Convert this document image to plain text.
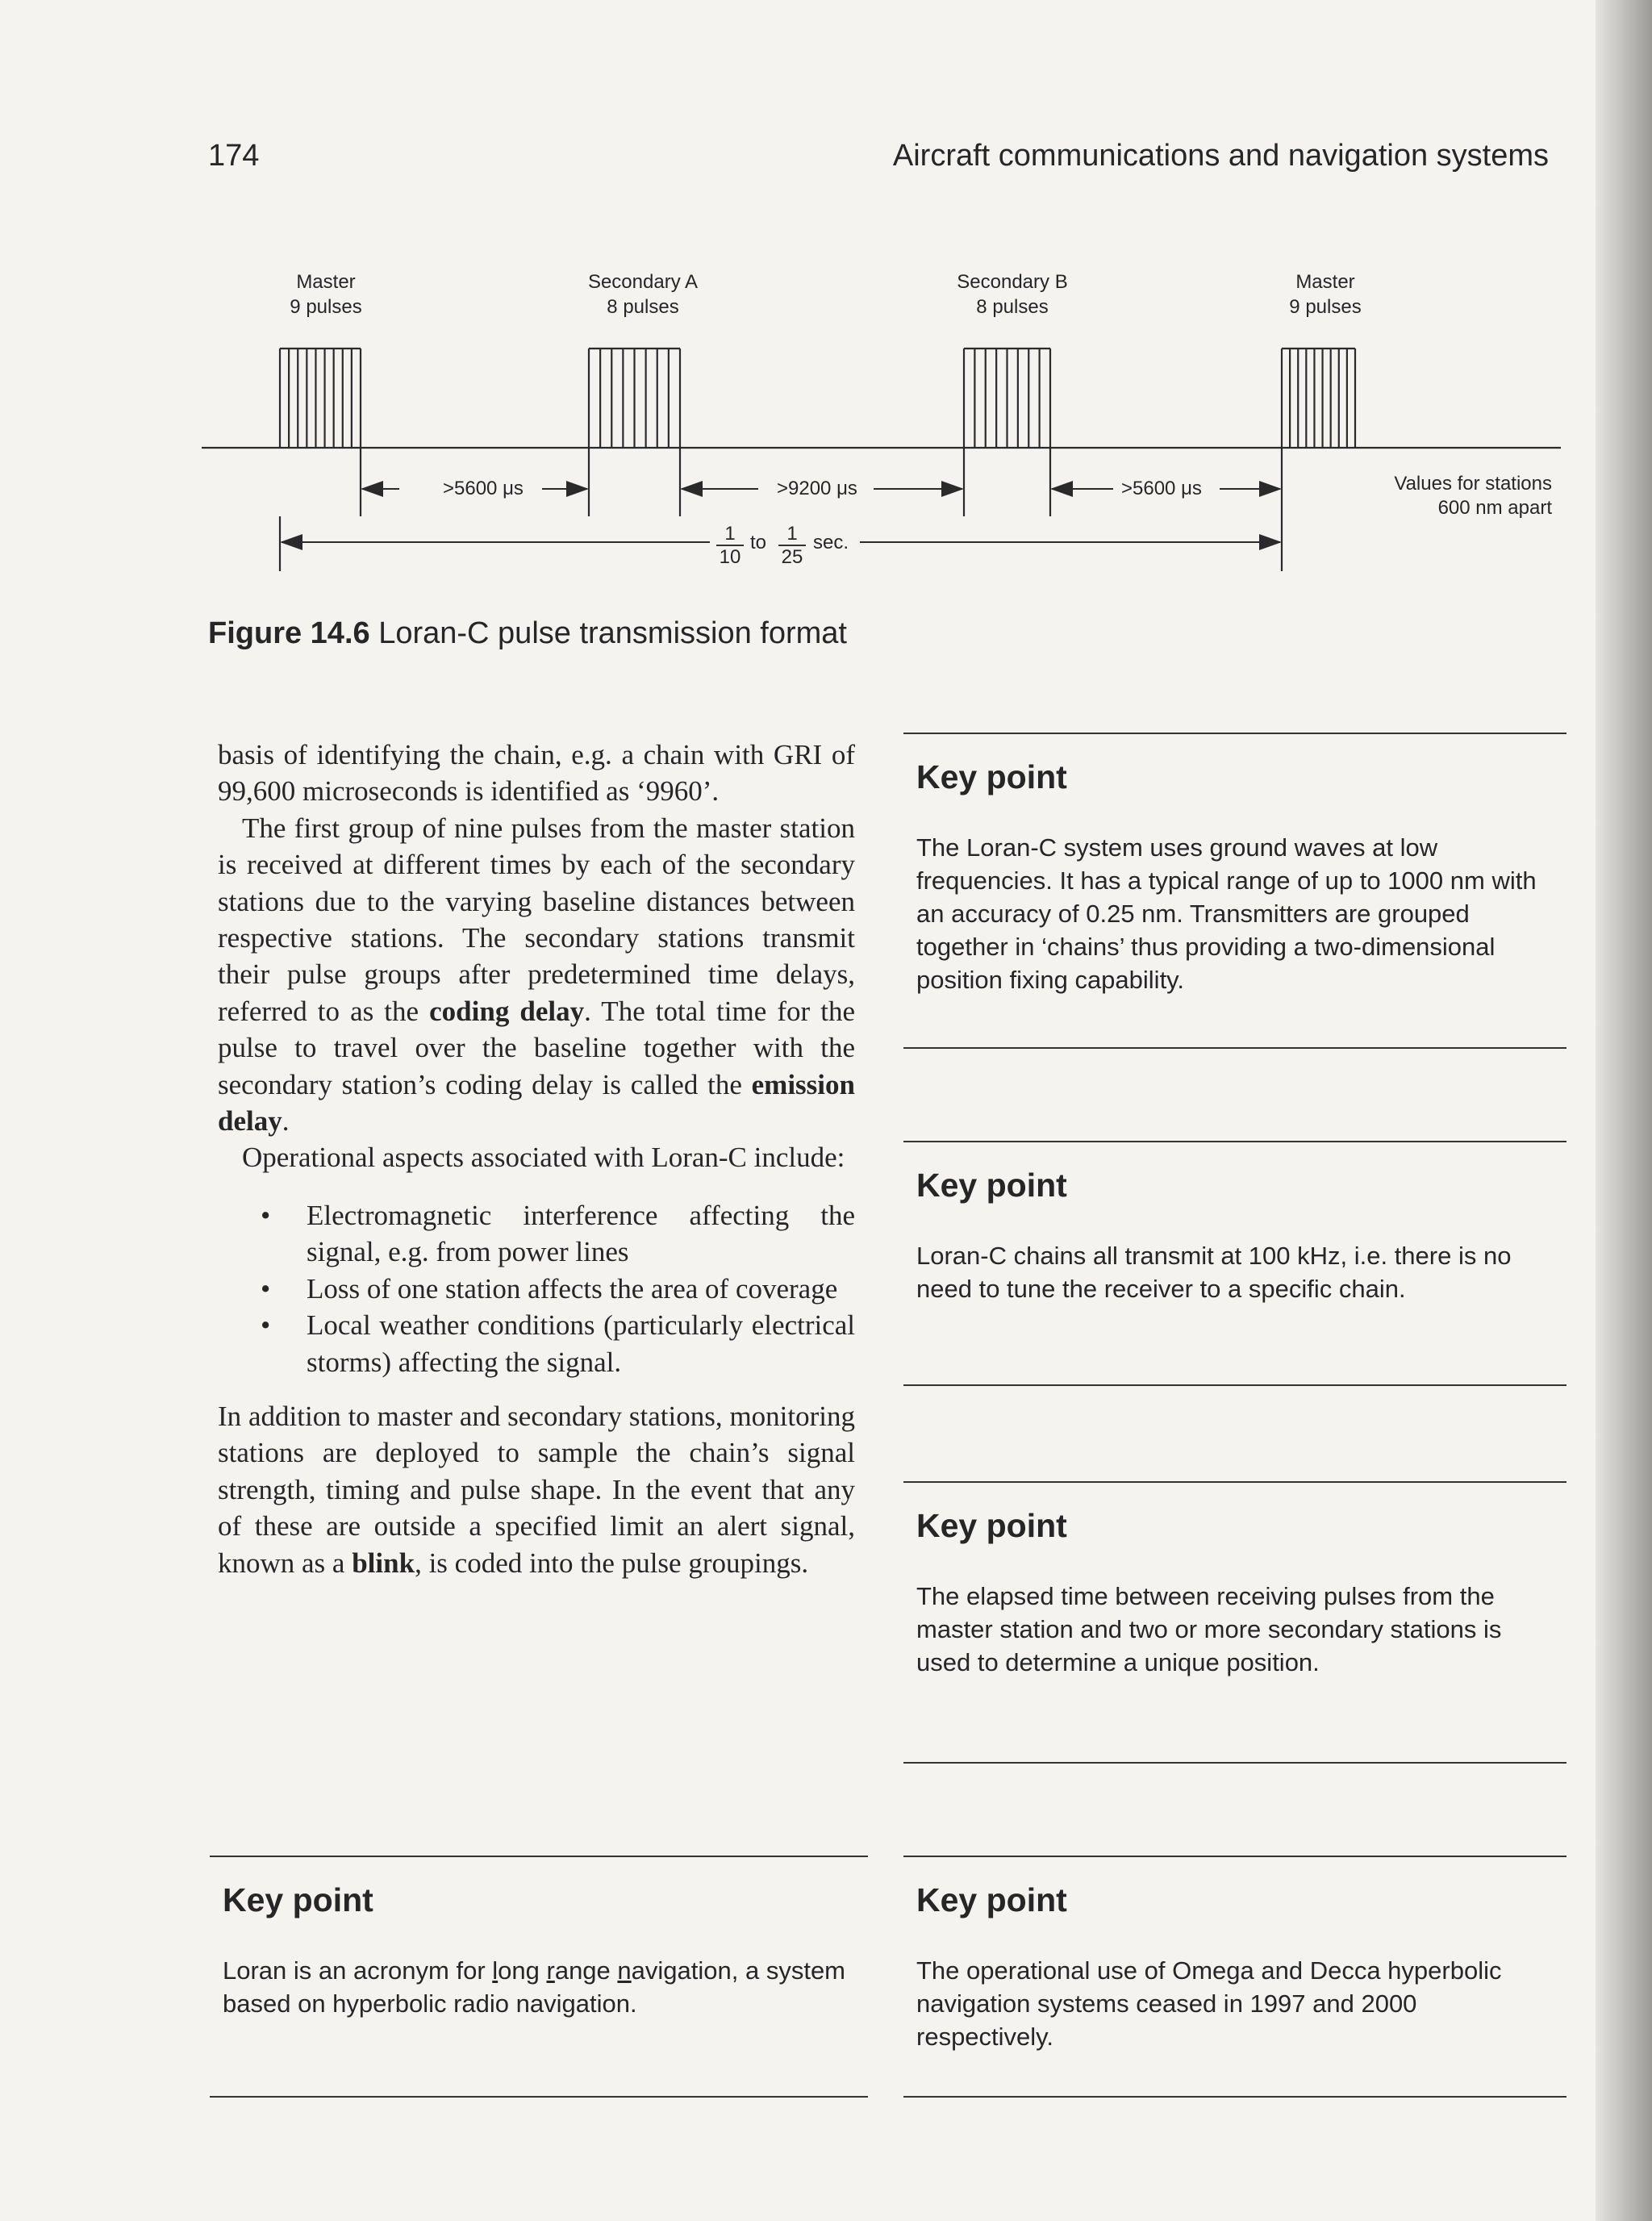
174	Aircraft communications and navigation systems
Master
9 pulses
Secondary A
8 pulses
Secondary B
8 pulses
Master
9 pulses
>5600 μs	>9200 μs	>5600 μs
$\frac{1}{10}$ to $\frac{1}{25} \sec$.
Values for stations
600 nm apart
Figure 14.6 Loran-C pulse transmission format

basis of identifying the chain, e.g. a chain with GRI of 99,600 microseconds is identified as ‘9960’.

The first group of nine pulses from the master station is received at different times by each of the secondary stations due to the varying baseline distances between respective stations. The secondary stations transmit their pulse groups after predetermined time delays, referred to as the coding delay. The total time for the pulse to travel over the baseline together with the secondary station’s coding delay is called the emission delay.

Operational aspects associated with Loran-C include:

• Electromagnetic interference affecting the signal, e.g. from power lines
• Loss of one station affects the area of coverage
• Local weather conditions (particularly electrical storms) affecting the signal.

In addition to master and secondary stations, monitoring stations are deployed to sample the chain’s signal strength, timing and pulse shape. In the event that any of these are outside a specified limit an alert signal, known as a blink, is coded into the pulse groupings.

Key point
The Loran-C system uses ground waves at low frequencies. It has a typical range of up to 1000 nm with an accuracy of 0.25 nm. Transmitters are grouped together in ‘chains’ thus providing a two-dimensional position fixing capability.
Key point
Loran-C chains all transmit at 100 kHz, i.e. there is no need to tune the receiver to a specific chain.
Key point
The elapsed time between receiving pulses from the master station and two or more secondary stations is used to determine a unique position.
Key point
Loran is an acronym for long range navigation, a system based on hyperbolic radio navigation.
Key point
The operational use of Omega and Decca hyperbolic navigation systems ceased in 1997 and 2000 respectively.
